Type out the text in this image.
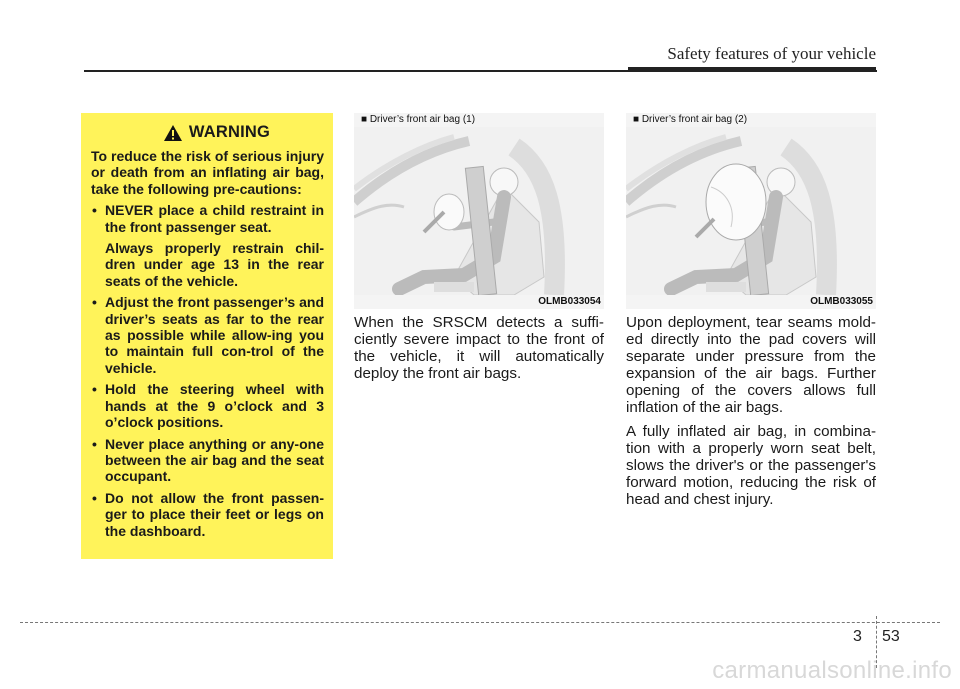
Safety features of your vehicle
WARNING
To reduce the risk of serious injury or death from an inflating air bag, take the following pre-cautions:
• NEVER place a child restraint in the front passenger seat.
Always properly restrain chil-dren under age 13 in the rear seats of the vehicle.
• Adjust the front passenger’s and driver’s seats as far to the rear as possible while allow-ing you to maintain full con-trol of the vehicle.
• Hold the steering wheel with hands at the 9 o’clock and 3 o’clock positions.
• Never place anything or any-one between the air bag and the seat occupant.
• Do not allow the front passen-ger to place their feet or legs on the dashboard.
■ Driver’s front air bag (1)
OLMB033054
■ Driver’s front air bag (2)
OLMB033055
When the SRSCM detects a suffi-ciently severe impact to the front of the vehicle, it will automatically deploy the front air bags.

Upon deployment, tear seams mold-ed directly into the pad covers will separate under pressure from the expansion of the air bags. Further opening of the covers allows full inflation of the air bags.

A fully inflated air bag, in combina-tion with a properly worn seat belt, slows the driver's or the passenger's forward motion, reducing the risk of head and chest injury.

3 53
carmanualsonline.info
